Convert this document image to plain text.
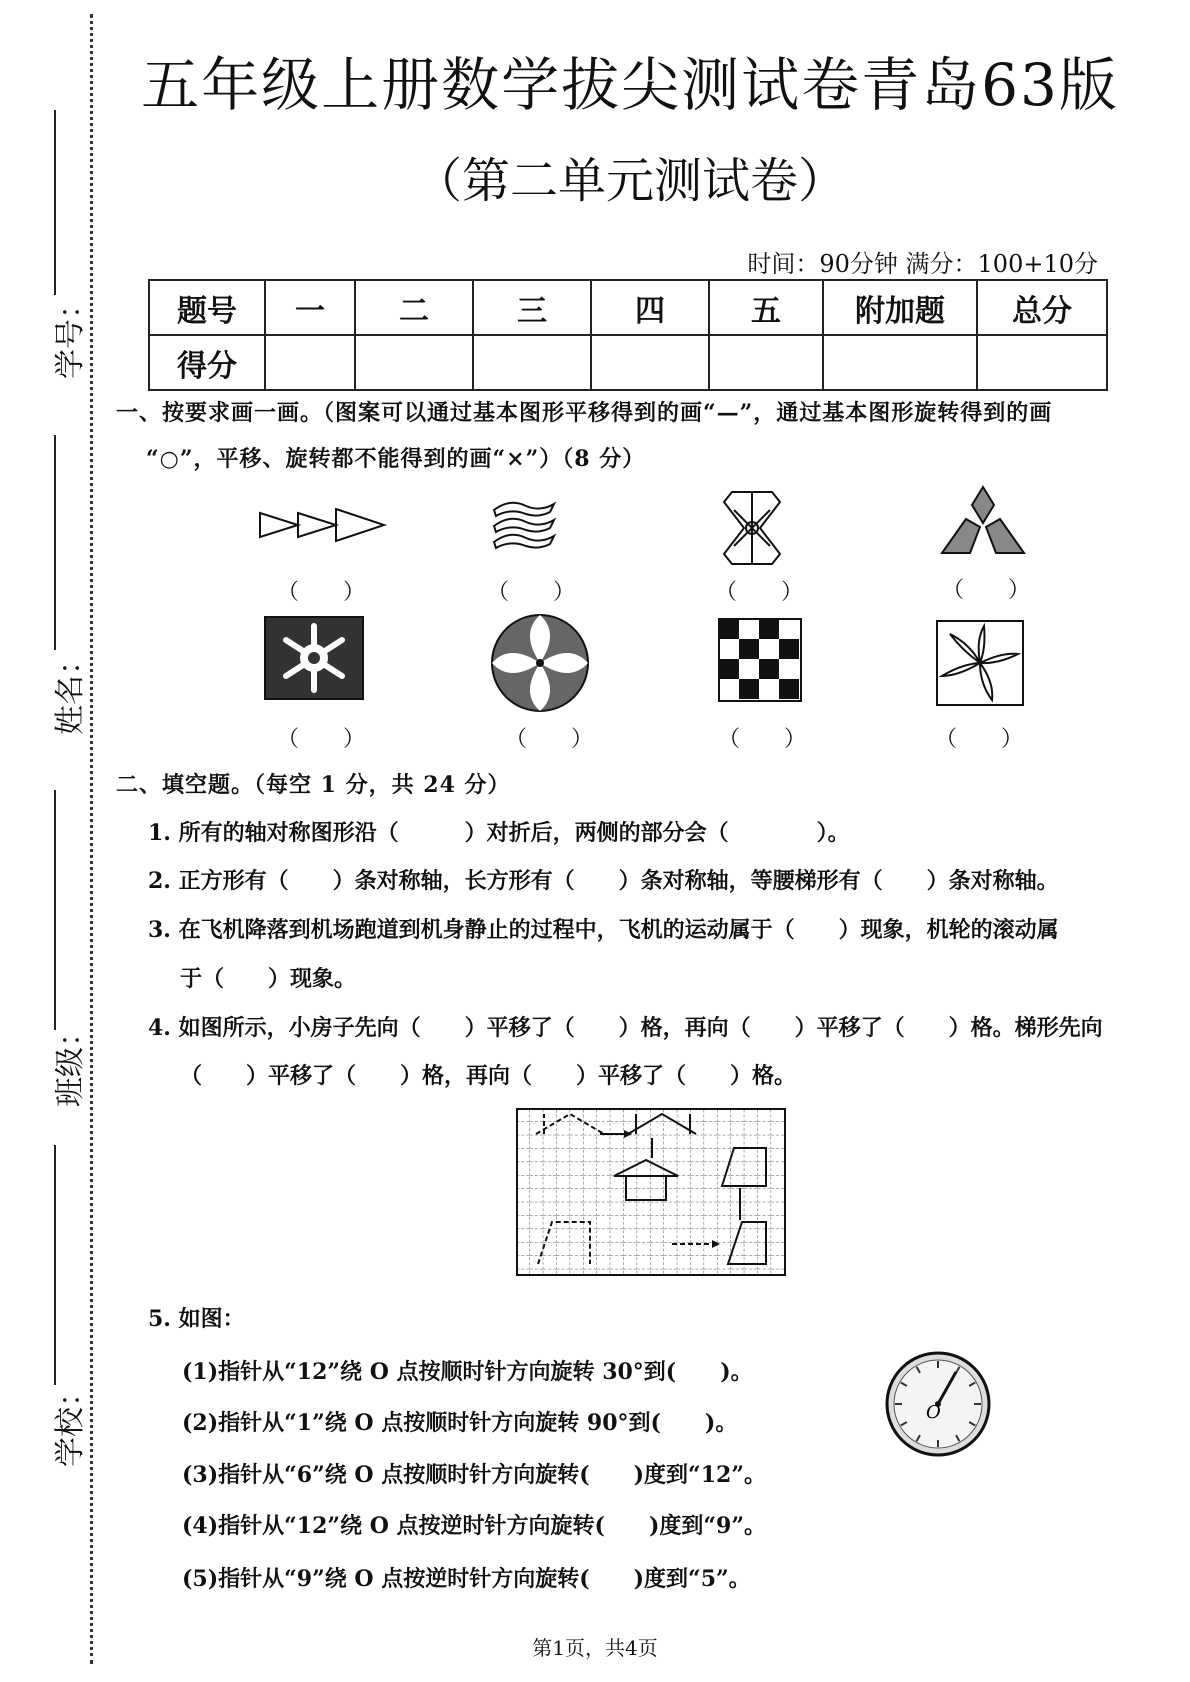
学号：
姓名：
班级：
学校：
五年级上册数学拔尖测试卷青岛63版
（第二单元测试卷）
时间：90分钟 满分：100+10分
题号	一	二	三	四	五	附加题	总分
得分							
一、按要求画一画。（图案可以通过基本图形平移得到的画“—”，通过基本图形旋转得到的画
“○”，平移、旋转都不能得到的画“×”）（8 分）
（　　）	（　　）	（　　）	（　　）
（　　）	（　　）	（　　）	（　　）
二、填空题。（每空 1 分，共 24 分）
1. 所有的轴对称图形沿（　　　）对折后，两侧的部分会（　　　　）。
2. 正方形有（　　）条对称轴，长方形有（　　）条对称轴，等腰梯形有（　　）条对称轴。
3. 在飞机降落到机场跑道到机身静止的过程中，飞机的运动属于（　　）现象，机轮的滚动属
于（　　）现象。
4. 如图所示，小房子先向（　　）平移了（　　）格，再向（　　）平移了（　　）格。梯形先向
（　　）平移了（　　）格，再向（　　）平移了（　　）格。
5. 如图：
(1)指针从“12”绕 O 点按顺时针方向旋转 30°到(　　)。
(2)指针从“1”绕 O 点按顺时针方向旋转 90°到(　　)。
(3)指针从“6”绕 O 点按顺时针方向旋转(　　)度到“12”。
(4)指针从“12”绕 O 点按逆时针方向旋转(　　)度到“9”。
(5)指针从“9”绕 O 点按逆时针方向旋转(　　)度到“5”。
O
第1页，共4页
